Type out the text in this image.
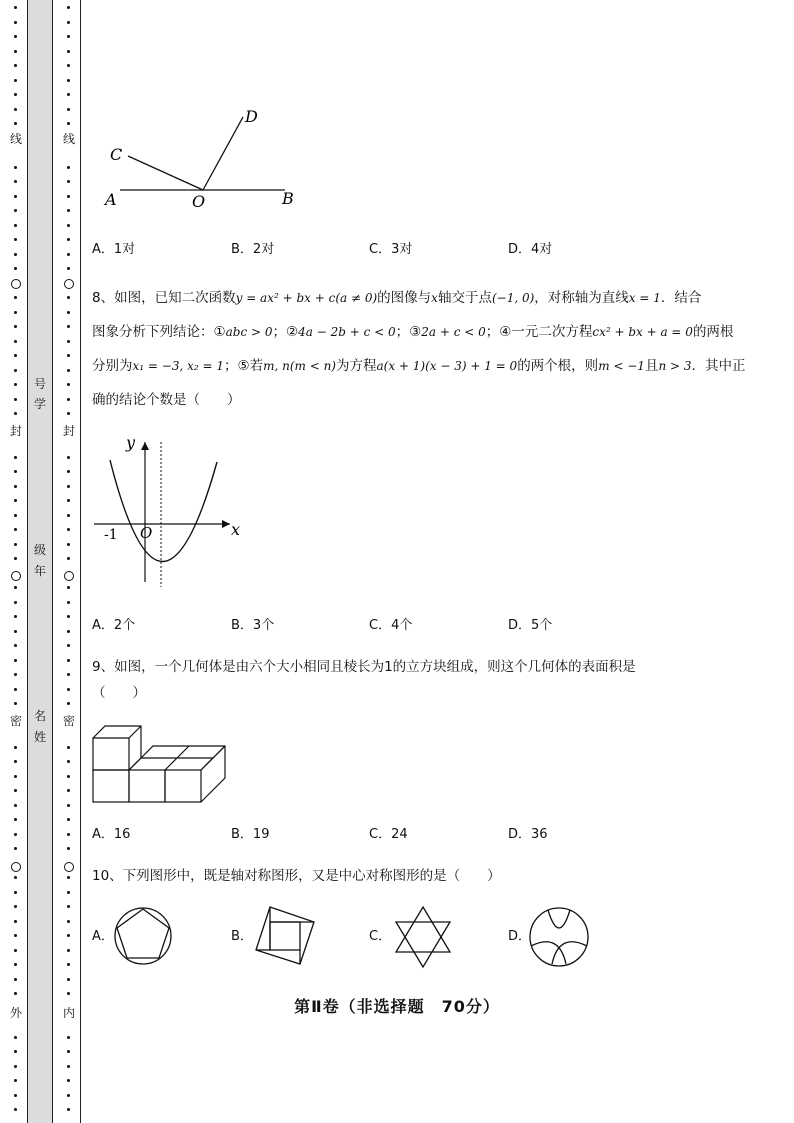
线
封
密
外
线
封
密
内
号
学
级
年
名
姓
C
D
A	O	B
A．1对	B．2对	C．3对	D．4对
8、如图，已知二次函数y = ax² + bx + c(a ≠ 0)的图像与x轴交于点(−1, 0)，对称轴为直线x = 1．结合
图象分析下列结论：①abc > 0；②4a − 2b + c < 0；③2a + c < 0；④一元二次方程cx² + bx + a = 0的两根
分别为x₁ = −3, x₂ = 1；⑤若m, n(m < n)为方程a(x + 1)(x − 3) + 1 = 0的两个根，则m < −1且n > 3．其中正
确的结论个数是（　　）
y
x
O
-1
A．2个	B．3个	C．4个	D．5个
9、如图，一个几何体是由六个大小相同且棱长为1的立方块组成，则这个几何体的表面积是
（　　）
A．16	B．19	C．24	D．36
10、下列图形中，既是轴对称图形，又是中心对称图形的是（　　）
A．	B．	C．	D．
第Ⅱ卷（非选择题　70分）
